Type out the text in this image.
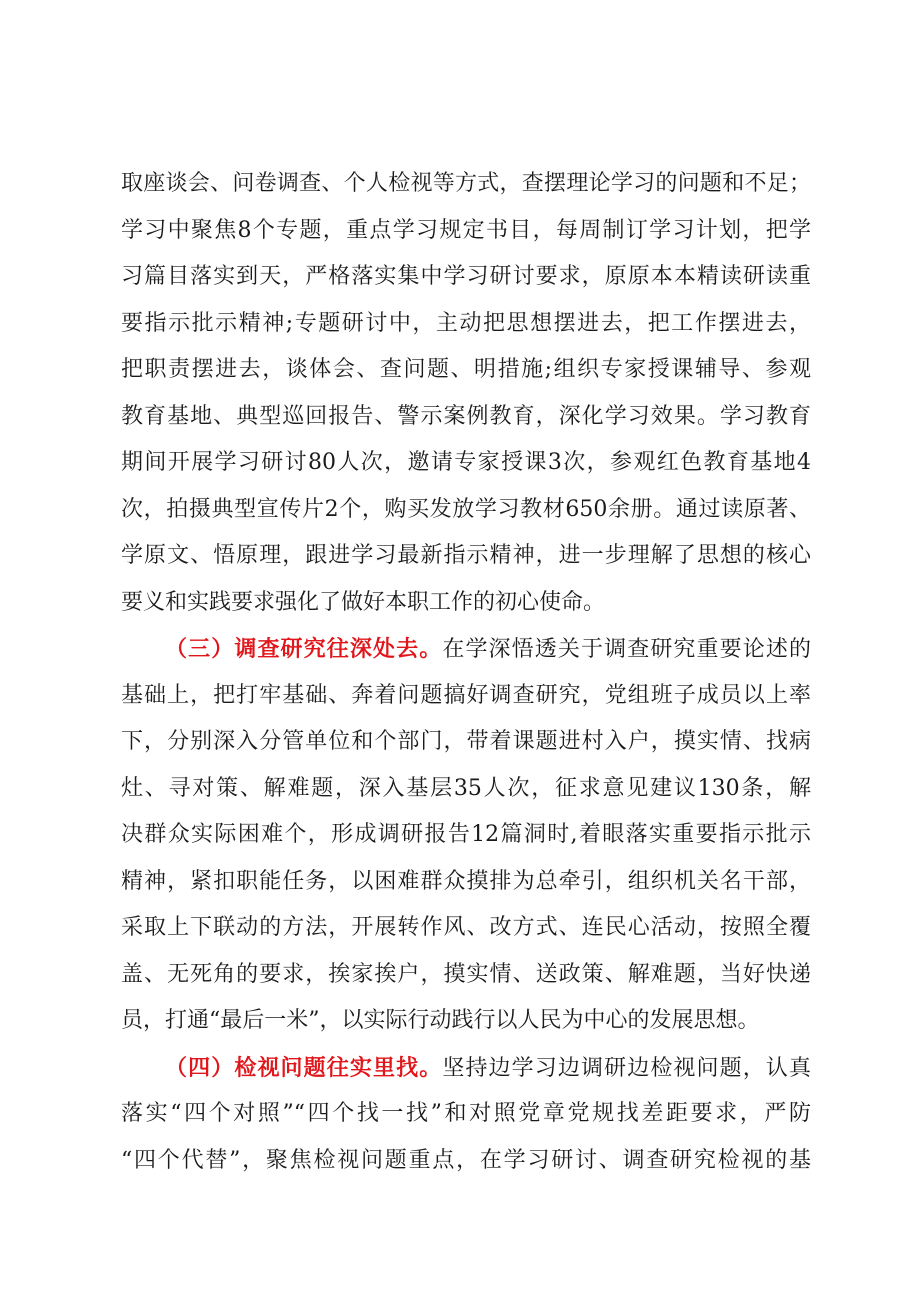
取座谈会、问卷调查、个人检视等方式，查摆理论学习的问题和不足；
学习中聚焦8个专题，重点学习规定书目，每周制订学习计划，把学
习篇目落实到天，严格落实集中学习研讨要求，原原本本精读研读重
要指示批示精神;专题研讨中，主动把思想摆进去，把工作摆进去，
把职责摆进去，谈体会、查问题、明措施;组织专家授课辅导、参观
教育基地、典型巡回报告、警示案例教育，深化学习效果。学习教育
期间开展学习研讨80人次，邀请专家授课3次，参观红色教育基地4
次，拍摄典型宣传片2个，购买发放学习教材650余册。通过读原著、
学原文、悟原理，跟进学习最新指示精神，进一步理解了思想的核心
要义和实践要求强化了做好本职工作的初心使命。
（三）调查研究往深处去。在学深悟透关于调查研究重要论述的
基础上，把打牢基础、奔着问题搞好调查研究，党组班子成员以上率
下，分别深入分管单位和个部门，带着课题进村入户，摸实情、找病
灶、寻对策、解难题，深入基层35人次，征求意见建议130条，解
决群众实际困难个，形成调研报告12篇洞时,着眼落实重要指示批示
精神，紧扣职能任务，以困难群众摸排为总牵引，组织机关名干部，
采取上下联动的方法，开展转作风、改方式、连民心活动，按照全覆
盖、无死角的要求，挨家挨户，摸实情、送政策、解难题，当好快递
员，打通“最后一米”，以实际行动践行以人民为中心的发展思想。
（四）检视问题往实里找。坚持边学习边调研边检视问题，认真
落实“四个对照”“四个找一找”和对照党章党规找差距要求，严防
“四个代替”，聚焦检视问题重点，在学习研讨、调查研究检视的基
